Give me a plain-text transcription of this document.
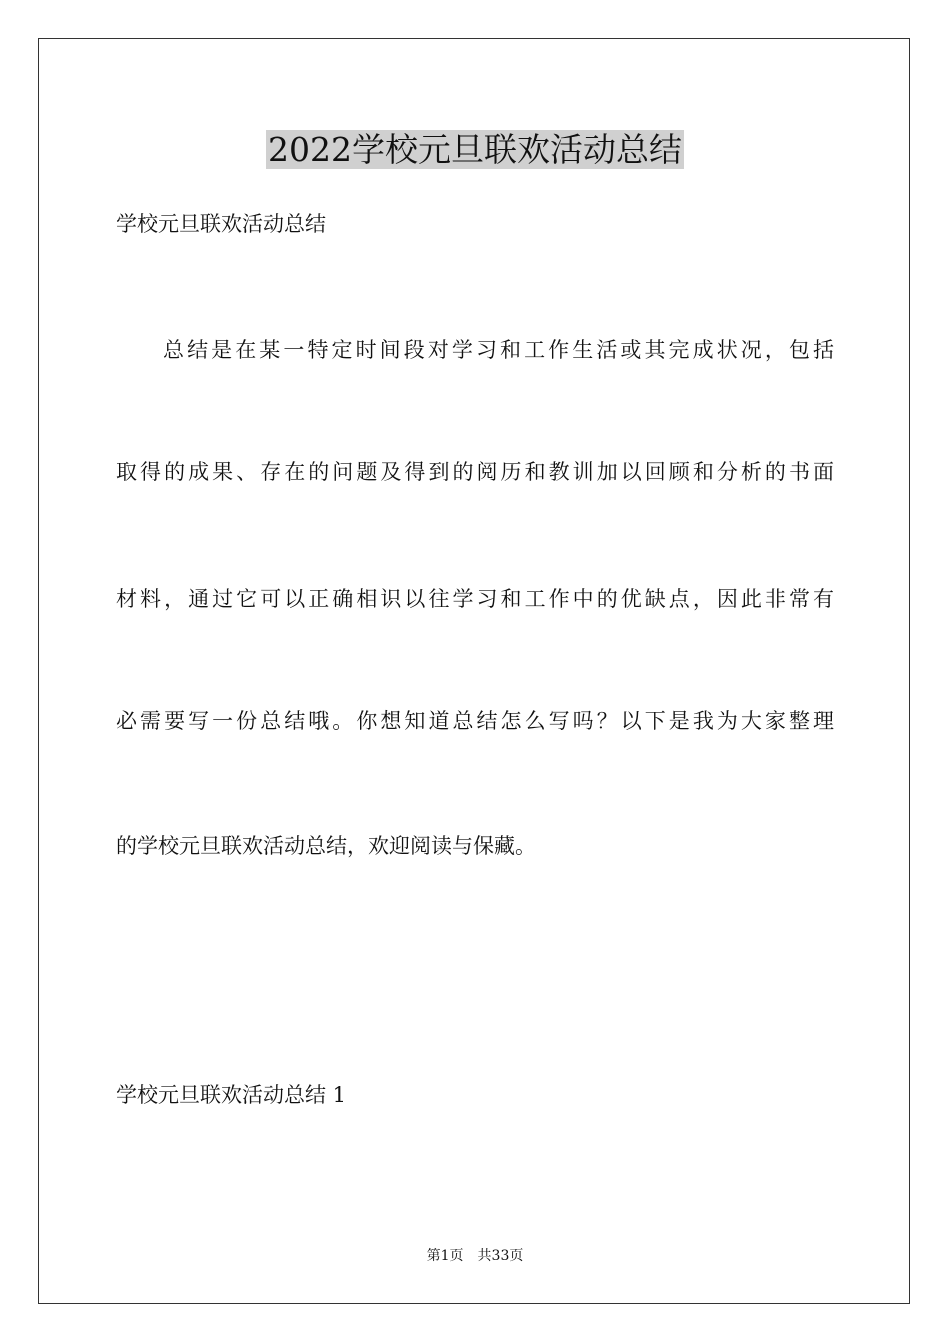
2022学校元旦联欢活动总结

学校元旦联欢活动总结

总结是在某一特定时间段对学习和工作生活或其完成状况，包括

取得的成果、存在的问题及得到的阅历和教训加以回顾和分析的书面

材料，通过它可以正确相识以往学习和工作中的优缺点，因此非常有

必需要写一份总结哦。你想知道总结怎么写吗？以下是我为大家整理

的学校元旦联欢活动总结，欢迎阅读与保藏。

学校元旦联欢活动总结 1

第1页　共33页
